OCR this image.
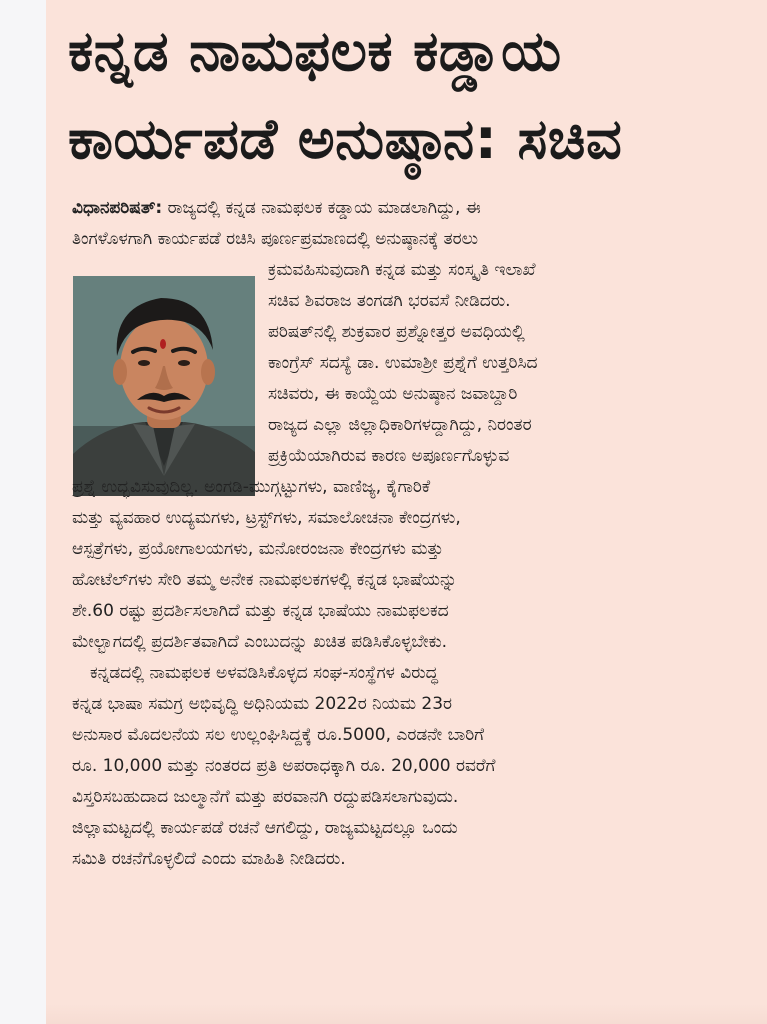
ಕನ್ನಡ ನಾಮಫಲಕ ಕಡ್ಡಾಯ
ಕಾರ್ಯಪಡೆ ಅನುಷ್ಠಾನ: ಸಚಿವ
ವಿಧಾನಪರಿಷತ್: ರಾಜ್ಯದಲ್ಲಿ ಕನ್ನಡ ನಾಮಫಲಕ ಕಡ್ಡಾಯ ಮಾಡಲಾಗಿದ್ದು, ಈ
ತಿಂಗಳೊಳಗಾಗಿ ಕಾರ್ಯಪಡೆ ರಚಿಸಿ ಪೂರ್ಣಪ್ರಮಾಣದಲ್ಲಿ ಅನುಷ್ಠಾನಕ್ಕೆ ತರಲು
ಕ್ರಮವಹಿಸುವುದಾಗಿ ಕನ್ನಡ ಮತ್ತು ಸಂಸ್ಕೃತಿ ಇಲಾಖೆ
ಸಚಿವ ಶಿವರಾಜ ತಂಗಡಗಿ ಭರವಸೆ ನೀಡಿದರು.
ಪರಿಷತ್‌ನಲ್ಲಿ ಶುಕ್ರವಾರ ಪ್ರಶ್ನೋತ್ತರ ಅವಧಿಯಲ್ಲಿ
ಕಾಂಗ್ರೆಸ್ ಸದಸ್ಯೆ ಡಾ. ಉಮಾಶ್ರೀ ಪ್ರಶ್ನೆಗೆ ಉತ್ತರಿಸಿದ
ಸಚಿವರು, ಈ ಕಾಯ್ದೆಯ ಅನುಷ್ಠಾನ ಜವಾಬ್ದಾರಿ
ರಾಜ್ಯದ ಎಲ್ಲಾ ಜಿಲ್ಲಾಧಿಕಾರಿಗಳದ್ದಾಗಿದ್ದು, ನಿರಂತರ
ಪ್ರಕ್ರಿಯೆಯಾಗಿರುವ ಕಾರಣ ಅಪೂರ್ಣಗೊಳ್ಳುವ
ಪ್ರಶ್ನೆ ಉದ್ಭವಿಸುವುದಿಲ್ಲ. ಅಂಗಡಿ-ಮುಗ್ಗಟ್ಟುಗಳು, ವಾಣಿಜ್ಯ, ಕೈಗಾರಿಕೆ
ಮತ್ತು ವ್ಯವಹಾರ ಉದ್ಯಮಗಳು, ಟ್ರಸ್ಟ್‌ಗಳು, ಸಮಾಲೋಚನಾ ಕೇಂದ್ರಗಳು,
ಆಸ್ಪತ್ರೆಗಳು, ಪ್ರಯೋಗಾಲಯಗಳು, ಮನೋರಂಜನಾ ಕೇಂದ್ರಗಳು ಮತ್ತು
ಹೋಟೆಲ್‌ಗಳು ಸೇರಿ ತಮ್ಮ ಅನೇಕ ನಾಮಫಲಕಗಳಲ್ಲಿ ಕನ್ನಡ ಭಾಷೆಯನ್ನು
ಶೇ.60 ರಷ್ಟು ಪ್ರದರ್ಶಿಸಲಾಗಿದೆ ಮತ್ತು ಕನ್ನಡ ಭಾಷೆಯು ನಾಮಫಲಕದ
ಮೇಲ್ಭಾಗದಲ್ಲಿ ಪ್ರದರ್ಶಿತವಾಗಿದೆ ಎಂಬುದನ್ನು ಖಚಿತ ಪಡಿಸಿಕೊಳ್ಳಬೇಕು.
ಕನ್ನಡದಲ್ಲಿ ನಾಮಫಲಕ ಅಳವಡಿಸಿಕೊಳ್ಳದ ಸಂಘ-ಸಂಸ್ಥೆಗಳ ವಿರುದ್ಧ
ಕನ್ನಡ ಭಾಷಾ ಸಮಗ್ರ ಅಭಿವೃದ್ಧಿ ಅಧಿನಿಯಮ 2022ರ ನಿಯಮ 23ರ
ಅನುಸಾರ ಮೊದಲನೆಯ ಸಲ ಉಲ್ಲಂಘಿಸಿದ್ದಕ್ಕೆ ರೂ.5000, ಎರಡನೇ ಬಾರಿಗೆ
ರೂ. 10,000 ಮತ್ತು ನಂತರದ ಪ್ರತಿ ಅಪರಾಧಕ್ಕಾಗಿ ರೂ. 20,000 ರವರೆಗೆ
ವಿಸ್ತರಿಸಬಹುದಾದ ಜುಲ್ಮಾನೆಗೆ ಮತ್ತು ಪರವಾನಗಿ ರದ್ದುಪಡಿಸಲಾಗುವುದು.
ಜಿಲ್ಲಾಮಟ್ಟದಲ್ಲಿ ಕಾರ್ಯಪಡೆ ರಚನೆ ಆಗಲಿದ್ದು, ರಾಜ್ಯಮಟ್ಟದಲ್ಲೂ ಒಂದು
ಸಮಿತಿ ರಚನೆಗೊಳ್ಳಲಿದೆ ಎಂದು ಮಾಹಿತಿ ನೀಡಿದರು.
